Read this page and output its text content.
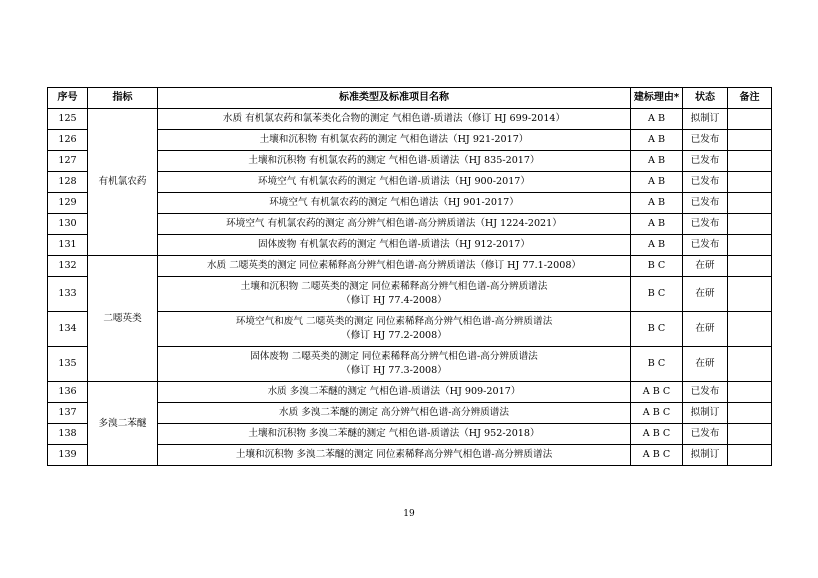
序号	指标	标准类型及标准项目名称	建标理由*	状态	备注
125	有机氯农药	水质 有机氯农药和氯苯类化合物的测定 气相色谱-质谱法（修订 HJ 699-2014）	A B	拟制订	
126		土壤和沉积物 有机氯农药的测定 气相色谱法（HJ 921-2017）	A B	已发布	
127		土壤和沉积物 有机氯农药的测定 气相色谱-质谱法（HJ 835-2017）	A B	已发布	
128		环境空气 有机氯农药的测定 气相色谱-质谱法（HJ 900-2017）	A B	已发布	
129		环境空气 有机氯农药的测定 气相色谱法（HJ 901-2017）	A B	已发布	
130		环境空气 有机氯农药的测定 高分辨气相色谱-高分辨质谱法（HJ 1224-2021）	A B	已发布	
131		固体废物 有机氯农药的测定 气相色谱-质谱法（HJ 912-2017）	A B	已发布	
132	二噁英类	水质 二噁英类的测定 同位素稀释高分辨气相色谱-高分辨质谱法（修订 HJ 77.1-2008）	B C	在研	
133		土壤和沉积物 二噁英类的测定 同位素稀释高分辨气相色谱-高分辨质谱法
（修订 HJ 77.4-2008）	B C	在研	
134		环境空气和废气 二噁英类的测定 同位素稀释高分辨气相色谱-高分辨质谱法
（修订 HJ 77.2-2008）	B C	在研	
135		固体废物 二噁英类的测定 同位素稀释高分辨气相色谱-高分辨质谱法
（修订 HJ 77.3-2008）	B C	在研	
136	多溴二苯醚	水质 多溴二苯醚的测定 气相色谱-质谱法（HJ 909-2017）	A B C	已发布	
137		水质 多溴二苯醚的测定 高分辨气相色谱-高分辨质谱法	A B C	拟制订	
138		土壤和沉积物 多溴二苯醚的测定 气相色谱-质谱法（HJ 952-2018）	A B C	已发布	
139		土壤和沉积物 多溴二苯醚的测定 同位素稀释高分辨气相色谱-高分辨质谱法	A B C	拟制订	
19
